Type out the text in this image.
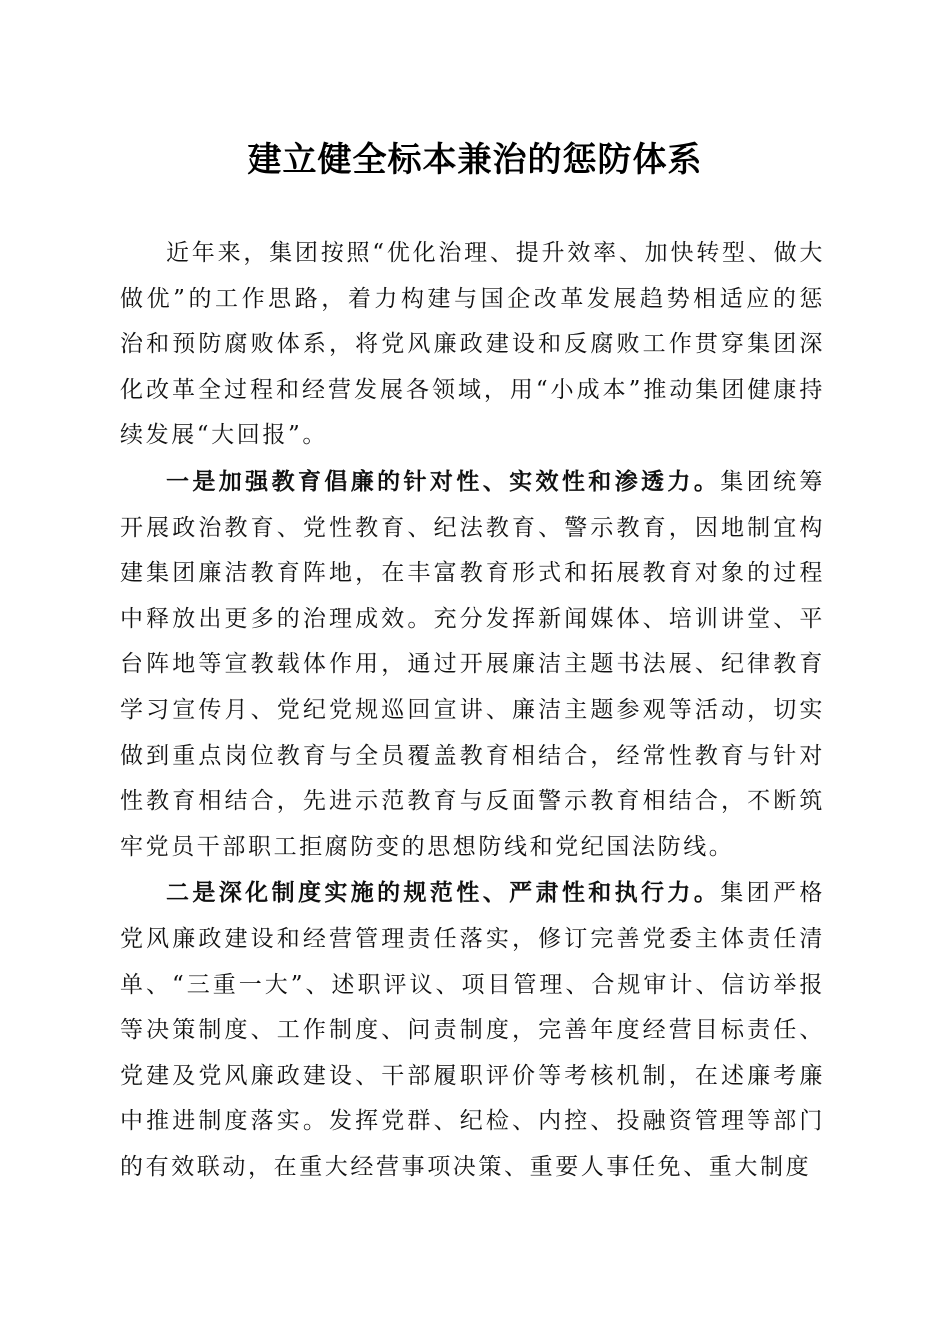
建立健全标本兼治的惩防体系

近年来，集团按照“优化治理、提升效率、加快转型、做大做优”的工作思路，着力构建与国企改革发展趋势相适应的惩治和预防腐败体系，将党风廉政建设和反腐败工作贯穿集团深化改革全过程和经营发展各领域，用“小成本”推动集团健康持续发展“大回报”。

一是加强教育倡廉的针对性、实效性和渗透力。集团统筹开展政治教育、党性教育、纪法教育、警示教育，因地制宜构建集团廉洁教育阵地，在丰富教育形式和拓展教育对象的过程中释放出更多的治理成效。充分发挥新闻媒体、培训讲堂、平台阵地等宣教载体作用，通过开展廉洁主题书法展、纪律教育学习宣传月、党纪党规巡回宣讲、廉洁主题参观等活动，切实做到重点岗位教育与全员覆盖教育相结合，经常性教育与针对性教育相结合，先进示范教育与反面警示教育相结合，不断筑牢党员干部职工拒腐防变的思想防线和党纪国法防线。

二是深化制度实施的规范性、严肃性和执行力。集团严格党风廉政建设和经营管理责任落实，修订完善党委主体责任清单、“三重一大”、述职评议、项目管理、合规审计、信访举报等决策制度、工作制度、问责制度，完善年度经营目标责任、党建及党风廉政建设、干部履职评价等考核机制，在述廉考廉中推进制度落实。发挥党群、纪检、内控、投融资管理等部门的有效联动，在重大经营事项决策、重要人事任免、重大制度
